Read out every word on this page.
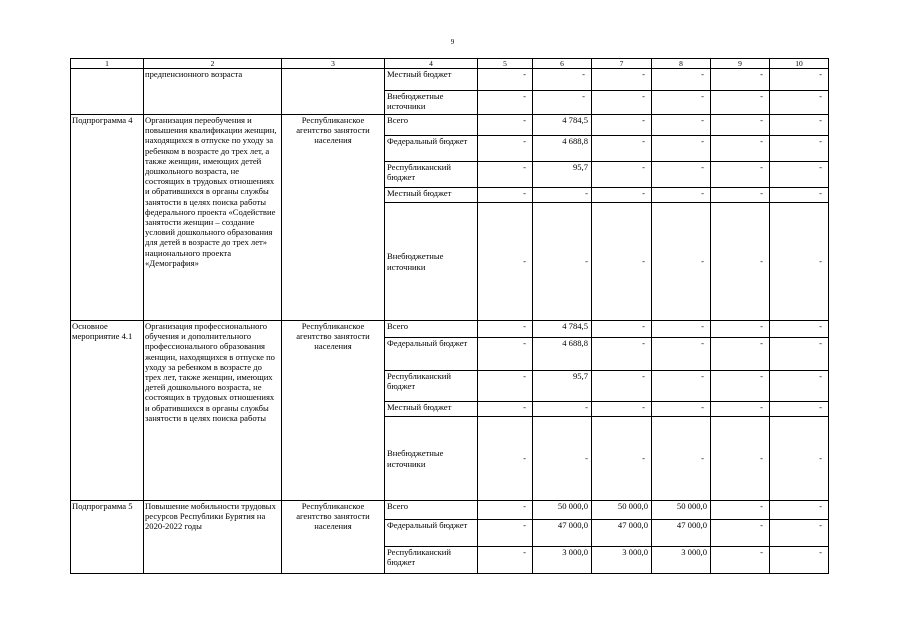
9
1	2	3	4	5	6	7	8	9	10
	предпенсионного возраста		Местный бюджет	-	-	-	-	-	-
			Внебюджетные источники	-	-	-	-	-	-
Подпрограмма 4	Организация переобучения и повышения квалификации женщин, находящихся в отпуске по уходу за ребенком в возрасте до трех лет, а также женщин, имеющих детей дошкольного возраста, не состоящих в трудовых отношениях и обратившихся в органы службы занятости в целях поиска работы федерального проекта «Содействие занятости женщин – создание условий дошкольного образования для детей в возрасте до трех лет» национального проекта «Демография»	Республиканское агентство занятости населения	Всего	-	4 784,5	-	-	-	-
			Федеральный бюджет	-	4 688,8	-	-	-	-
			Республиканский бюджет	-	95,7	-	-	-	-
			Местный бюджет	-	-	-	-	-	-
			Внебюджетные источники	-	-	-	-	-	-
Основное мероприятие 4.1	Организация профессионального обучения и дополнительного профессионального образования женщин, находящихся в отпуске по уходу за ребенком в возрасте до трех лет, также женщин, имеющих детей дошкольного возраста, не состоящих в трудовых отношениях и обратившихся в органы службы занятости в целях поиска работы	Республиканское агентство занятости населения	Всего	-	4 784,5	-	-	-	-
			Федеральный бюджет	-	4 688,8	-	-	-	-
			Республиканский бюджет	-	95,7	-	-	-	-
			Местный бюджет	-	-	-	-	-	-
			Внебюджетные источники	-	-	-	-	-	-
Подпрограмма 5	Повышение мобильности трудовых ресурсов Республики Бурятия на 2020-2022 годы	Республиканское агентство занятости населения	Всего	-	50 000,0	50 000,0	50 000,0	-	-
			Федеральный бюджет	-	47 000,0	47 000,0	47 000,0	-	-
			Республиканский бюджет	-	3 000,0	3 000,0	3 000,0	-	-
